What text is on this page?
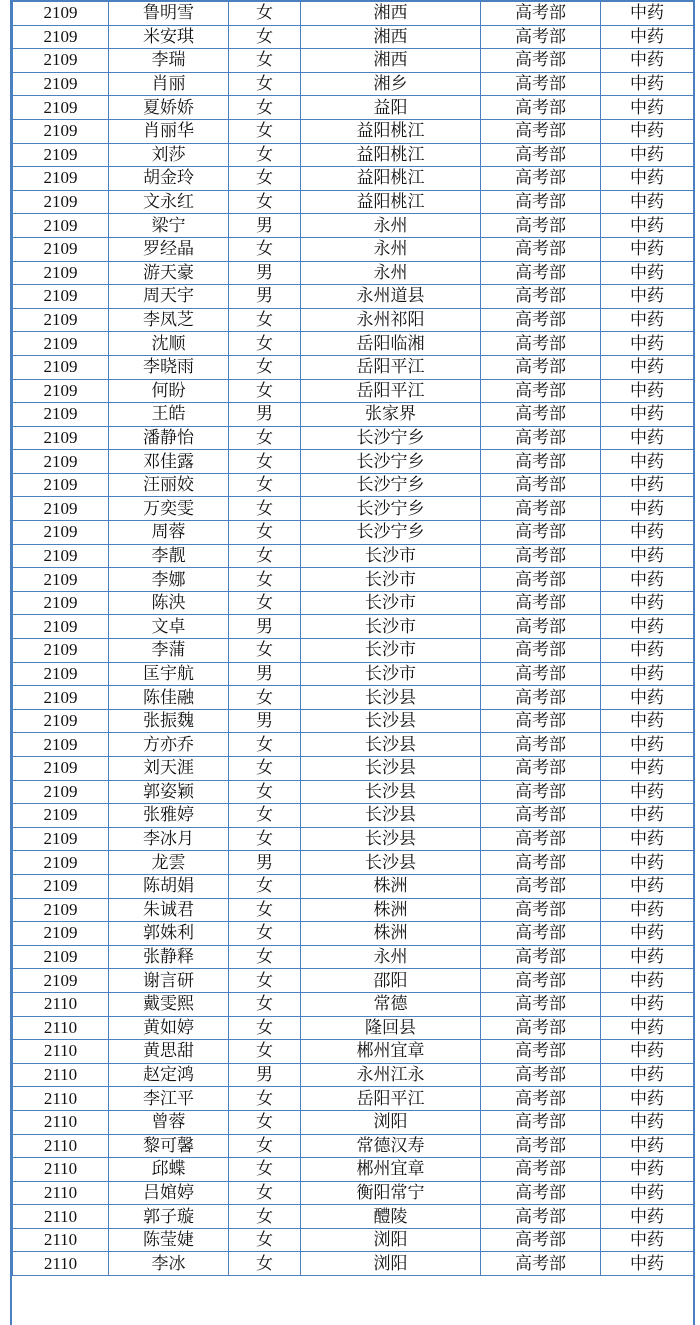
2109	鲁明雪	女	湘西	高考部	中药
2109	米安琪	女	湘西	高考部	中药
2109	李瑞	女	湘西	高考部	中药
2109	肖丽	女	湘乡	高考部	中药
2109	夏娇娇	女	益阳	高考部	中药
2109	肖丽华	女	益阳桃江	高考部	中药
2109	刘莎	女	益阳桃江	高考部	中药
2109	胡金玲	女	益阳桃江	高考部	中药
2109	文永红	女	益阳桃江	高考部	中药
2109	梁宁	男	永州	高考部	中药
2109	罗经晶	女	永州	高考部	中药
2109	游天豪	男	永州	高考部	中药
2109	周天宇	男	永州道县	高考部	中药
2109	李凤芝	女	永州祁阳	高考部	中药
2109	沈顺	女	岳阳临湘	高考部	中药
2109	李晓雨	女	岳阳平江	高考部	中药
2109	何盼	女	岳阳平江	高考部	中药
2109	王皓	男	张家界	高考部	中药
2109	潘静怡	女	长沙宁乡	高考部	中药
2109	邓佳露	女	长沙宁乡	高考部	中药
2109	汪丽姣	女	长沙宁乡	高考部	中药
2109	万奕雯	女	长沙宁乡	高考部	中药
2109	周蓉	女	长沙宁乡	高考部	中药
2109	李靓	女	长沙市	高考部	中药
2109	李娜	女	长沙市	高考部	中药
2109	陈泱	女	长沙市	高考部	中药
2109	文卓	男	长沙市	高考部	中药
2109	李蒲	女	长沙市	高考部	中药
2109	匡宇航	男	长沙市	高考部	中药
2109	陈佳融	女	长沙县	高考部	中药
2109	张振魏	男	长沙县	高考部	中药
2109	方亦乔	女	长沙县	高考部	中药
2109	刘天涯	女	长沙县	高考部	中药
2109	郭姿颖	女	长沙县	高考部	中药
2109	张雅婷	女	长沙县	高考部	中药
2109	李冰月	女	长沙县	高考部	中药
2109	龙雲	男	长沙县	高考部	中药
2109	陈胡娟	女	株洲	高考部	中药
2109	朱诚君	女	株洲	高考部	中药
2109	郭姝利	女	株洲	高考部	中药
2109	张静释	女	永州	高考部	中药
2109	谢言研	女	邵阳	高考部	中药
2110	戴雯熙	女	常德	高考部	中药
2110	黄如婷	女	隆回县	高考部	中药
2110	黄思甜	女	郴州宜章	高考部	中药
2110	赵定鸿	男	永州江永	高考部	中药
2110	李江平	女	岳阳平江	高考部	中药
2110	曾蓉	女	浏阳	高考部	中药
2110	黎可馨	女	常德汉寿	高考部	中药
2110	邱蝶	女	郴州宜章	高考部	中药
2110	吕婠婷	女	衡阳常宁	高考部	中药
2110	郭子璇	女	醴陵	高考部	中药
2110	陈莹婕	女	浏阳	高考部	中药
2110	李冰	女	浏阳	高考部	中药
